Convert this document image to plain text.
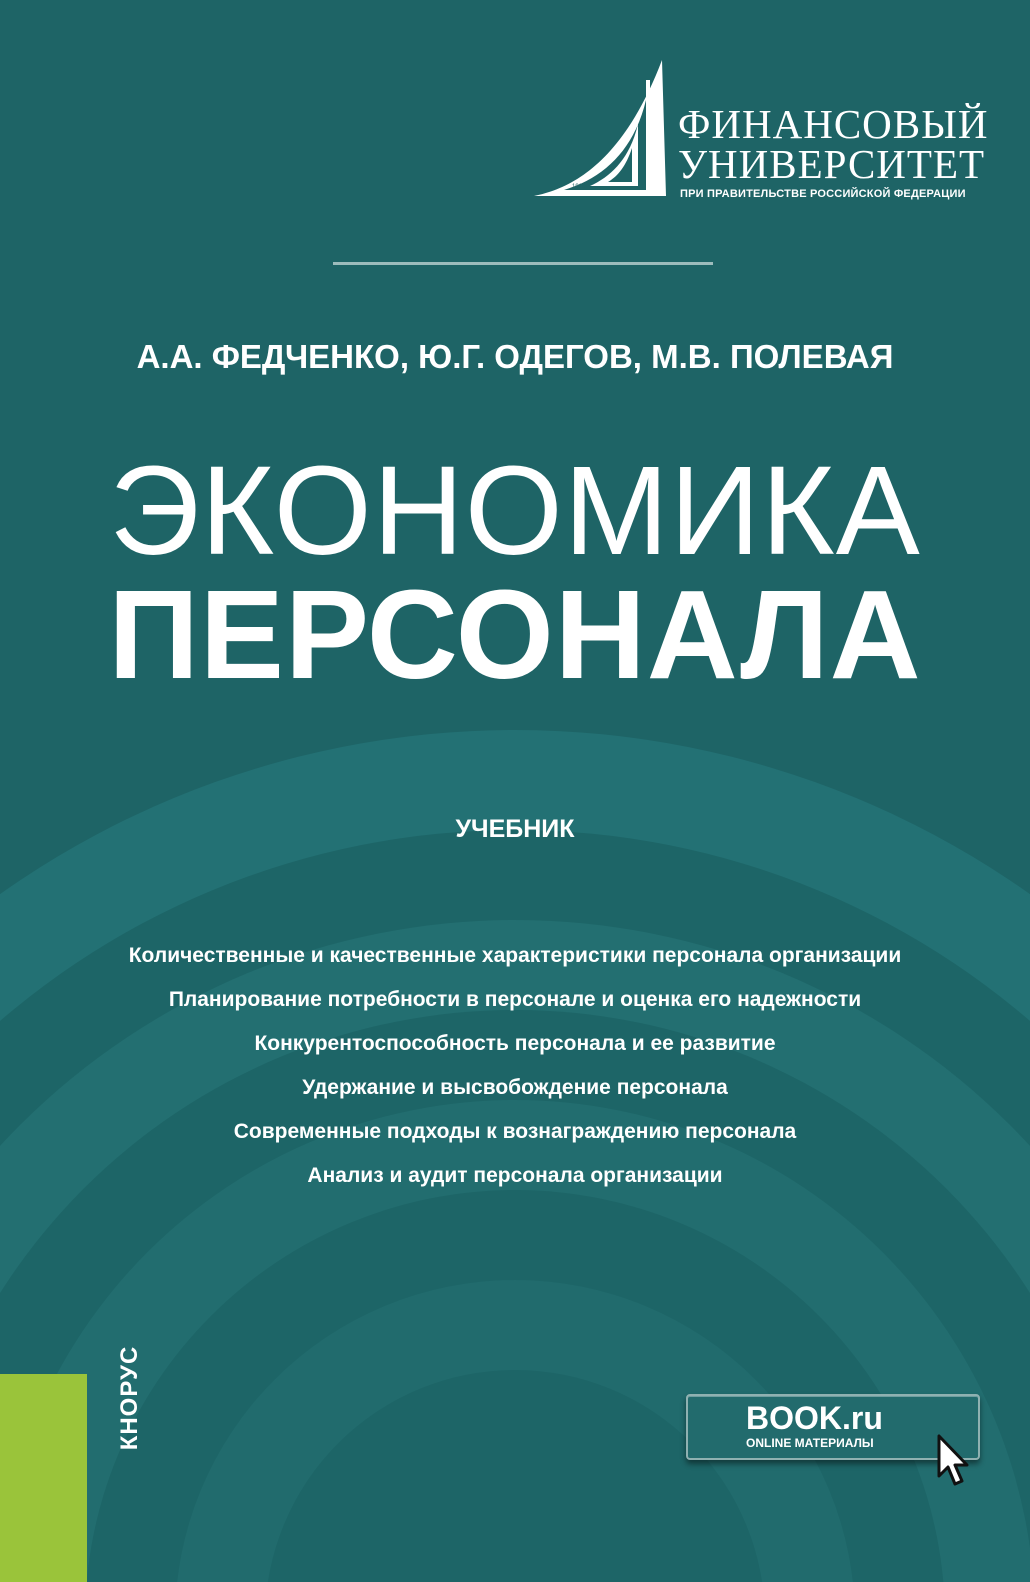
1919
ФИНАНСОВЫЙ
УНИВЕРСИТЕТ
ПРИ ПРАВИТЕЛЬСТВЕ РОССИЙСКОЙ ФЕДЕРАЦИИ
А.А. ФЕДЧЕНКО, Ю.Г. ОДЕГОВ, М.В. ПОЛЕВАЯ
ЭКОНОМИКА
ПЕРСОНАЛА
УЧЕБНИК
Количественные и качественные характеристики персонала организации
Планирование потребности в персонале и оценка его надежности
Конкурентоспособность персонала и ее развитие
Удержание и высвобождение персонала
Современные подходы к вознаграждению персонала
Анализ и аудит персонала организации
КНОРУС	BOOK.ru
ONLINE МАТЕРИАЛЫ
